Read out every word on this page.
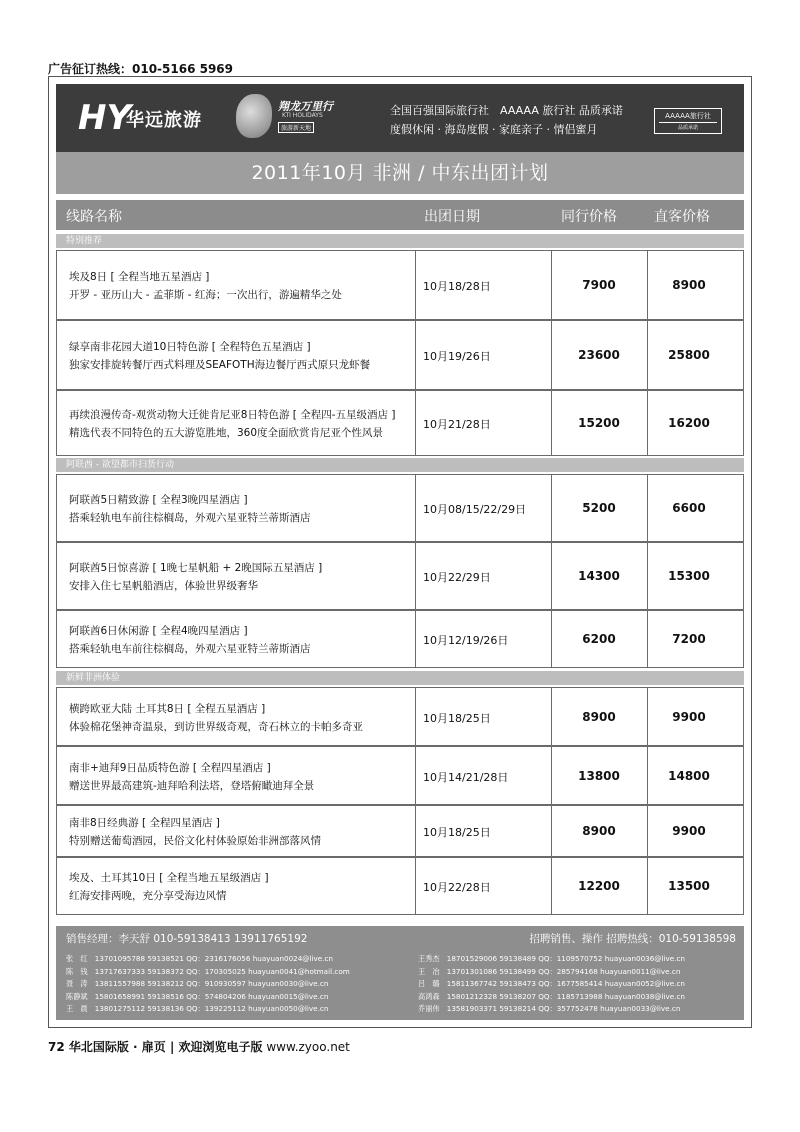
广告征订热线：010-5166 5969
HY
华远旅游
翔龙万里行
KTI HOLIDAYS
旅游新天地
全国百强国际旅行社　AAAAA 旅行社 品质承诺
度假休闲 · 海岛度假 · 家庭亲子 · 情侣蜜月
AAAAA旅行社
品质承诺
2011年10月 非洲 / 中东出团计划
线路名称	出团日期	同行价格	直客价格
特别推荐
埃及8日 [ 全程当地五星酒店 ]
开罗 - 亚历山大 - 孟菲斯 - 红海；一次出行，游遍精华之处
10月18/28日	7900	8900
绿享南非花园大道10日特色游 [ 全程特色五星酒店 ]
独家安排旋转餐厅西式料理及SEAFOTH海边餐厅西式原只龙虾餐
10月19/26日	23600	25800
再续浪漫传奇-观赏动物大迁徙肯尼亚8日特色游 [ 全程四-五星级酒店 ]
精选代表不同特色的五大游览胜地，360度全面欣赏肯尼亚个性风景
10月21/28日	15200	16200
阿联酋 - 欲望都市扫货行动
阿联酋5日精致游 [ 全程3晚四星酒店 ]
搭乘轻轨电车前往棕榈岛，外观六星亚特兰蒂斯酒店
10月08/15/22/29日	5200	6600
阿联酋5日惊喜游 [ 1晚七星帆船 + 2晚国际五星酒店 ]
安排入住七星帆船酒店，体验世界级奢华
10月22/29日	14300	15300
阿联酋6日休闲游 [ 全程4晚四星酒店 ]
搭乘轻轨电车前往棕榈岛，外观六星亚特兰蒂斯酒店
10月12/19/26日	6200	7200
新鲜非洲体验
横跨欧亚大陆 土耳其8日 [ 全程五星酒店 ]
体验棉花堡神奇温泉，到访世界级奇观，奇石林立的卡帕多奇亚
10月18/25日	8900	9900
南非+迪拜9日品质特色游 [ 全程四星酒店 ]
赠送世界最高建筑-迪拜哈利法塔，登塔俯瞰迪拜全景
10月14/21/28日	13800	14800
南非8日经典游 [ 全程四星酒店 ]
特别赠送葡萄酒园，民俗文化村体验原始非洲部落风情
10月18/25日	8900	9900
埃及、土耳其10日 [ 全程当地五星级酒店 ]
红海安排两晚，充分享受海边风情
10月22/28日	12200	13500
销售经理：李天舒 010-59138413 13911765192	招聘销售、操作 招聘热线：010-59138598
张　红　13701095788 59138521 QQ：2316176056 huayuan0024@live.cn
陈　钱　13717637333 59138372 QQ：170305025 huayuan0041@hotmail.com
聂　涛　13811557988 59138212 QQ：910930597 huayuan0030@live.cn
陈静斌　15801658991 59138516 QQ：574804206 huayuan0015@live.cn
王　晨　13801275112 59138136 QQ：139225112 huayuan0050@live.cn
王秀杰　18701529006 59138489 QQ：1109570752 huayuan0036@live.cn
王　冶　13701301086 59138499 QQ：285794168 huayuan0011@live.cn
吕　璐　15811367742 59138473 QQ：1677585414 huayuan0052@live.cn
高鸿森　15801212328 59138207 QQ：1185713988 huayuan0038@live.cn
乔丽伟　13581903371 59138214 QQ：357752478 huayuan0033@live.cn
72 华北国际版 · 扉页 | 欢迎浏览电子版 www.zyoo.net
